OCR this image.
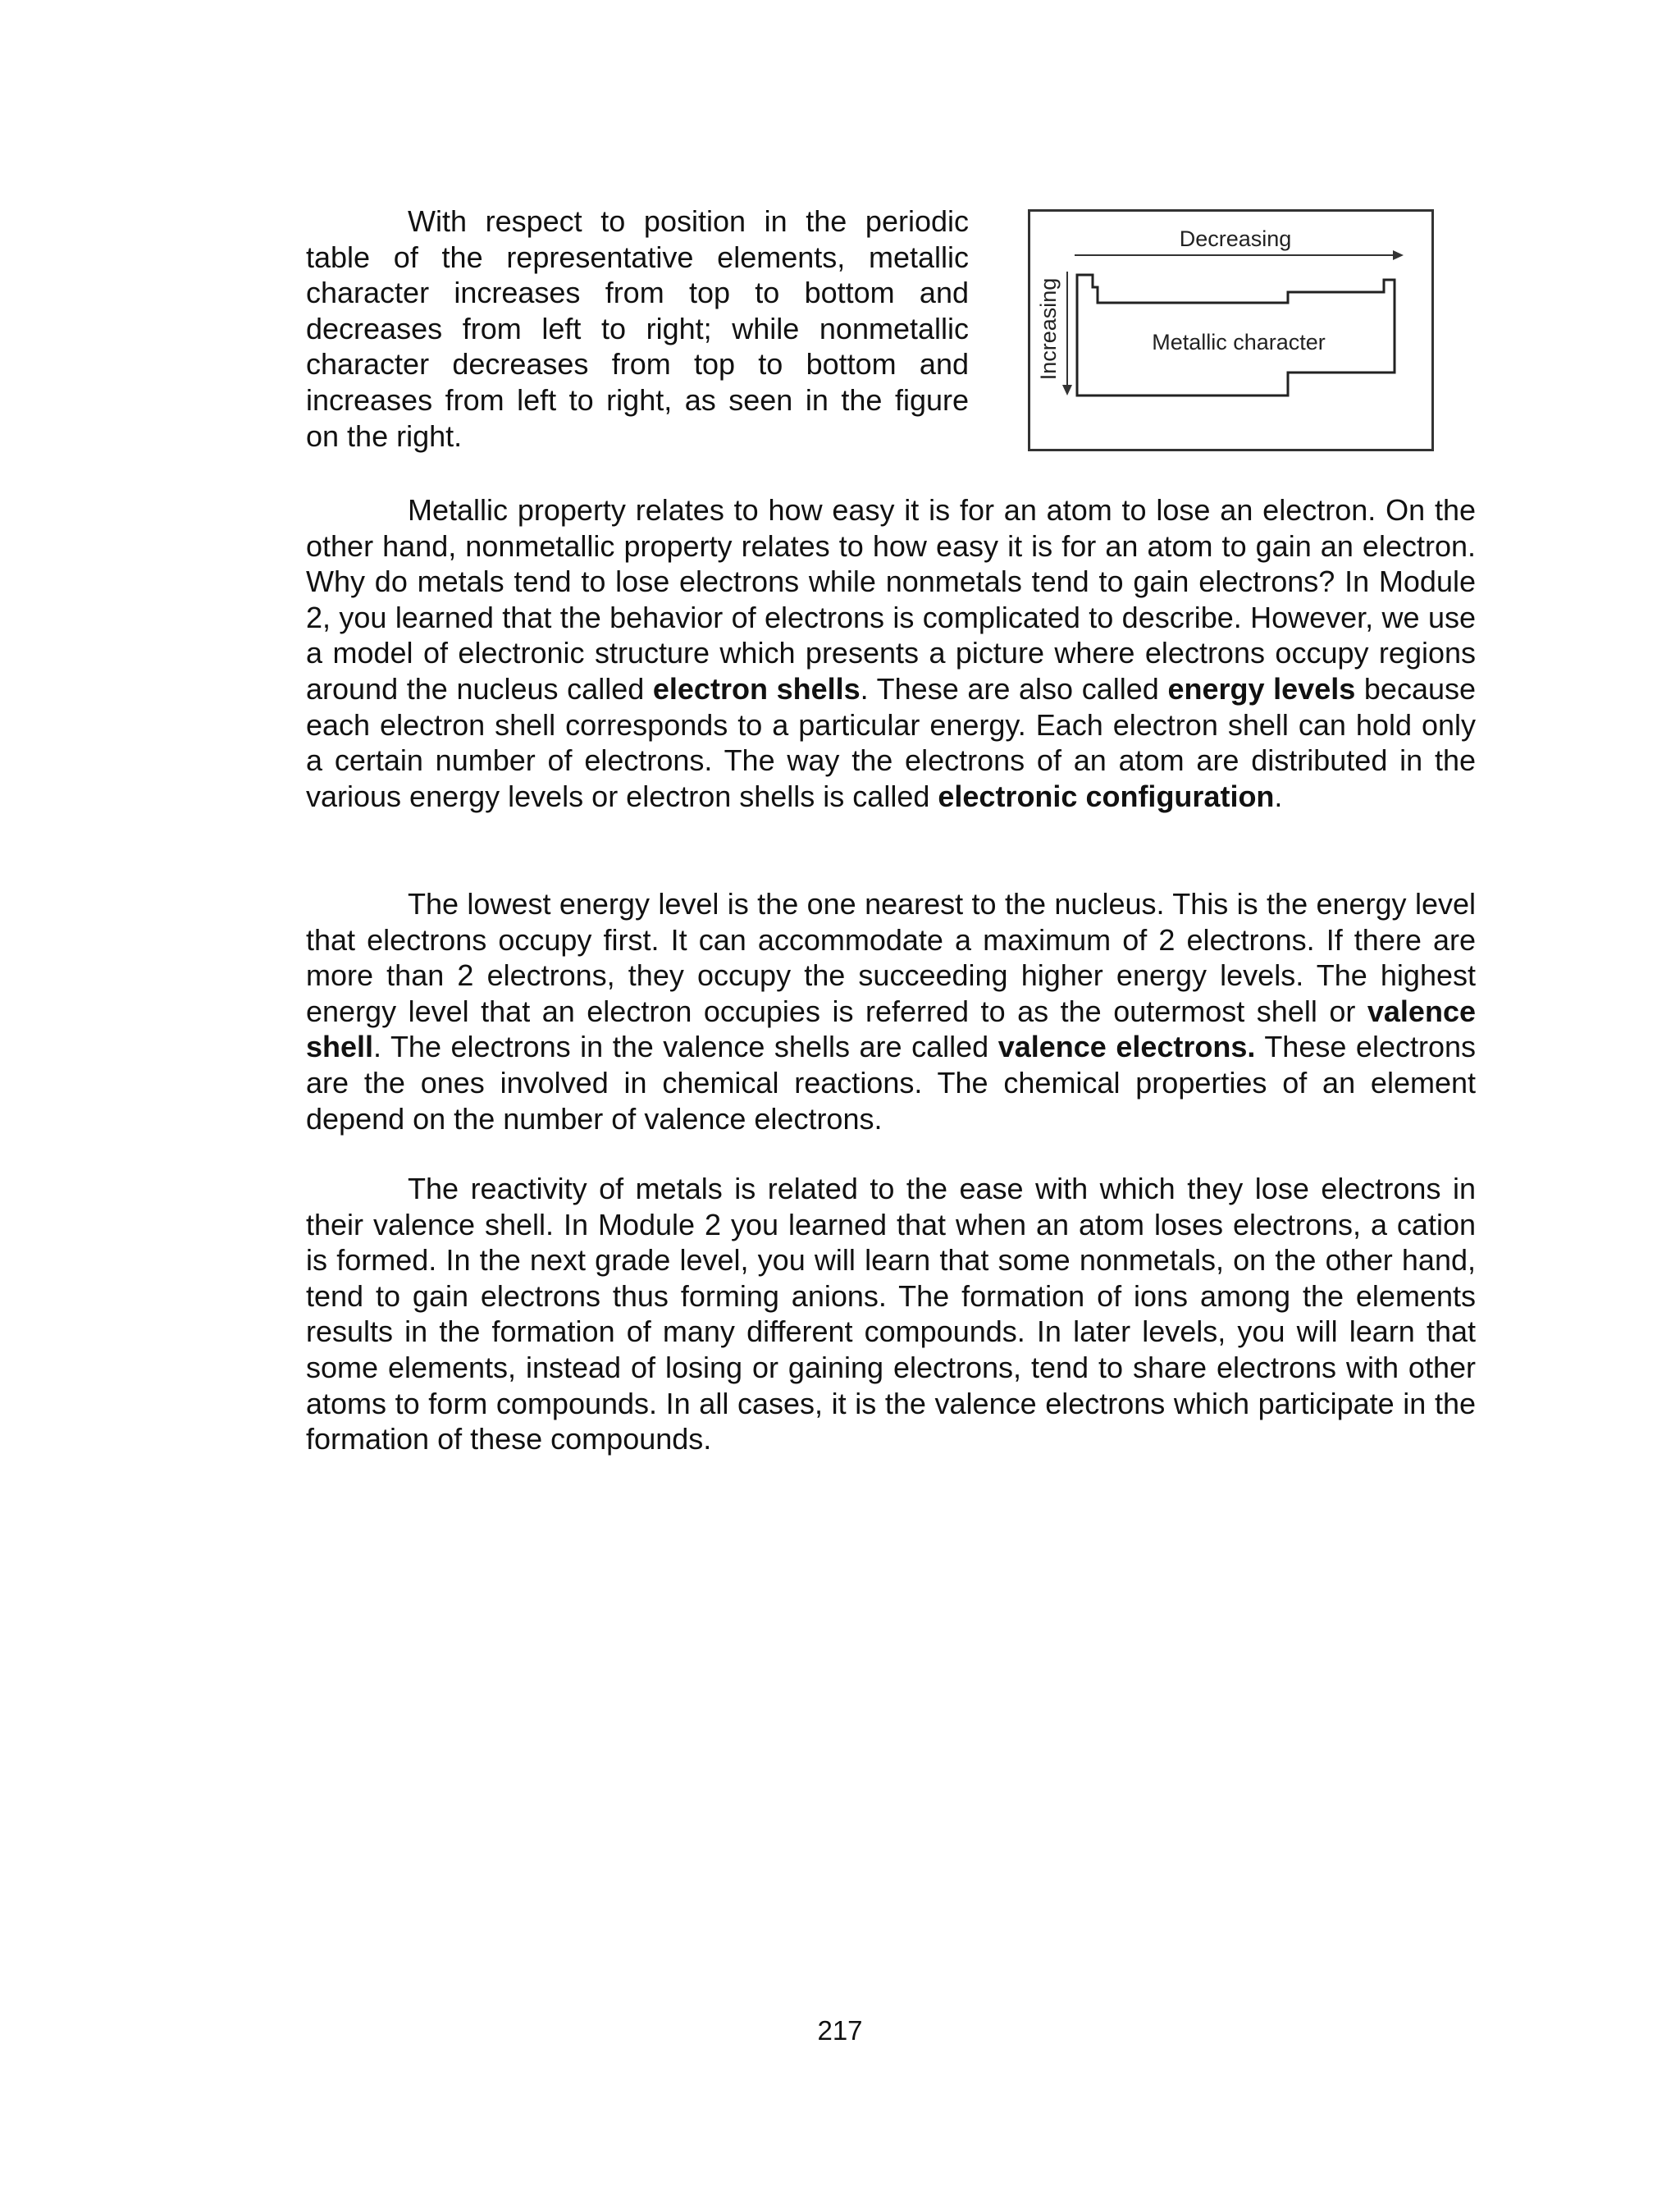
With respect to position in the periodic table of the representative elements, metallic character increases from top to bottom and decreases from left to right; while nonmetallic character decreases from top to bottom and increases from left to right, as seen in the figure on the right.

Decreasing
Increasing	Metallic character

Metallic property relates to how easy it is for an atom to lose an electron. On the other hand, nonmetallic property relates to how easy it is for an atom to gain an electron. Why do metals tend to lose electrons while nonmetals tend to gain electrons? In Module 2, you learned that the behavior of electrons is complicated to describe. However, we use a model of electronic structure which presents a picture where electrons occupy regions around the nucleus called electron shells. These are also called energy levels because each electron shell corresponds to a particular energy. Each electron shell can hold only a certain number of electrons. The way the electrons of an atom are distributed in the various energy levels or electron shells is called electronic configuration.

The lowest energy level is the one nearest to the nucleus. This is the energy level that electrons occupy first. It can accommodate a maximum of 2 electrons. If there are more than 2 electrons, they occupy the succeeding higher energy levels. The highest energy level that an electron occupies is referred to as the outermost shell or valence shell. The electrons in the valence shells are called valence electrons. These electrons are the ones involved in chemical reactions. The chemical properties of an element depend on the number of valence electrons.

The reactivity of metals is related to the ease with which they lose electrons in their valence shell. In Module 2 you learned that when an atom loses electrons, a cation is formed. In the next grade level, you will learn that some nonmetals, on the other hand, tend to gain electrons thus forming anions. The formation of ions among the elements results in the formation of many different compounds. In later levels, you will learn that some elements, instead of losing or gaining electrons, tend to share electrons with other atoms to form compounds. In all cases, it is the valence electrons which participate in the formation of these compounds.

217
